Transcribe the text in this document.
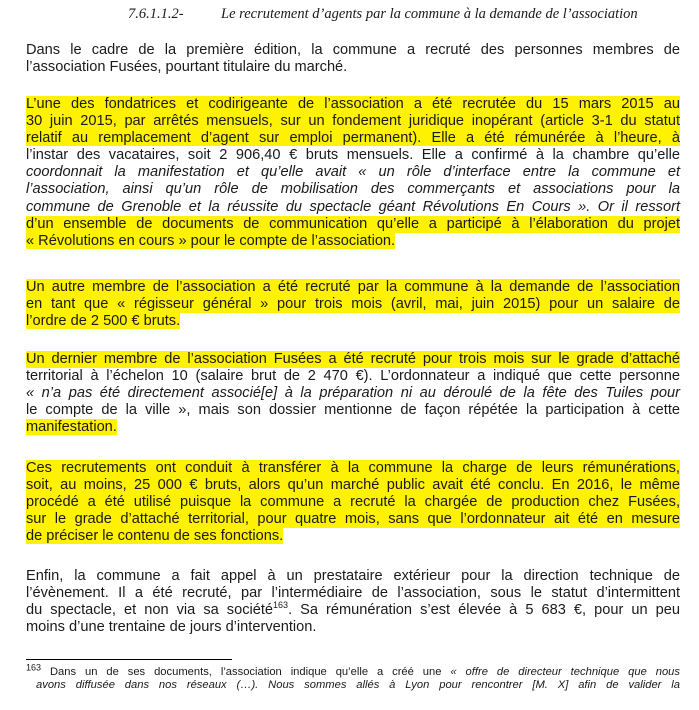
7.6.1.1.2-	Le recrutement d’agents par la commune à la demande de l’association
Dans le cadre de la première édition, la commune a recruté des personnes membres de
l’association Fusées, pourtant titulaire du marché.
L’une des fondatrices et codirigeante de l’association a été recrutée du 15 mars 2015 au
30 juin 2015, par arrêtés mensuels, sur un fondement juridique inopérant (article 3-1 du statut
relatif au remplacement d’agent sur emploi permanent). Elle a été rémunérée à l’heure, à
l’instar des vacataires, soit 2 906,40 € bruts mensuels. Elle a confirmé à la chambre qu’elle
coordonnait la manifestation et qu’elle avait « un rôle d’interface entre la commune et
l’association, ainsi qu’un rôle de mobilisation des commerçants et associations pour la
commune de Grenoble et la réussite du spectacle géant Révolutions En Cours ». Or il ressort
d’un ensemble de documents de communication qu’elle a participé à l’élaboration du projet
« Révolutions en cours » pour le compte de l’association.
Un autre membre de l’association a été recruté par la commune à la demande de l’association
en tant que « régisseur général » pour trois mois (avril, mai, juin 2015) pour un salaire de
l’ordre de 2 500 € bruts.
Un dernier membre de l’association Fusées a été recruté pour trois mois sur le grade d’attaché
territorial à l’échelon 10 (salaire brut de 2 470 €). L’ordonnateur a indiqué que cette personne
« n’a pas été directement associé[e] à la préparation ni au déroulé de la fête des Tuiles pour
le compte de la ville », mais son dossier mentionne de façon répétée la participation à cette
manifestation.
Ces recrutements ont conduit à transférer à la commune la charge de leurs rémunérations,
soit, au moins, 25 000 € bruts, alors qu’un marché public avait été conclu. En 2016, le même
procédé a été utilisé puisque la commune a recruté la chargée de production chez Fusées,
sur le grade d’attaché territorial, pour quatre mois, sans que l’ordonnateur ait été en mesure
de préciser le contenu de ses fonctions.
Enfin, la commune a fait appel à un prestataire extérieur pour la direction technique de
l’évènement. Il a été recruté, par l’intermédiaire de l’association, sous le statut d’intermittent
du spectacle, et non via sa société$^{163}$. Sa rémunération s’est élevée à 5 683 €, pour un peu
moins d’une trentaine de jours d’intervention.
$^{163}$ Dans un de ses documents, l’association indique qu’elle a créé une « offre de directeur technique que nous
avons diffusée dans nos réseaux (…). Nous sommes allés à Lyon pour rencontrer [M. X] afin de valider la
